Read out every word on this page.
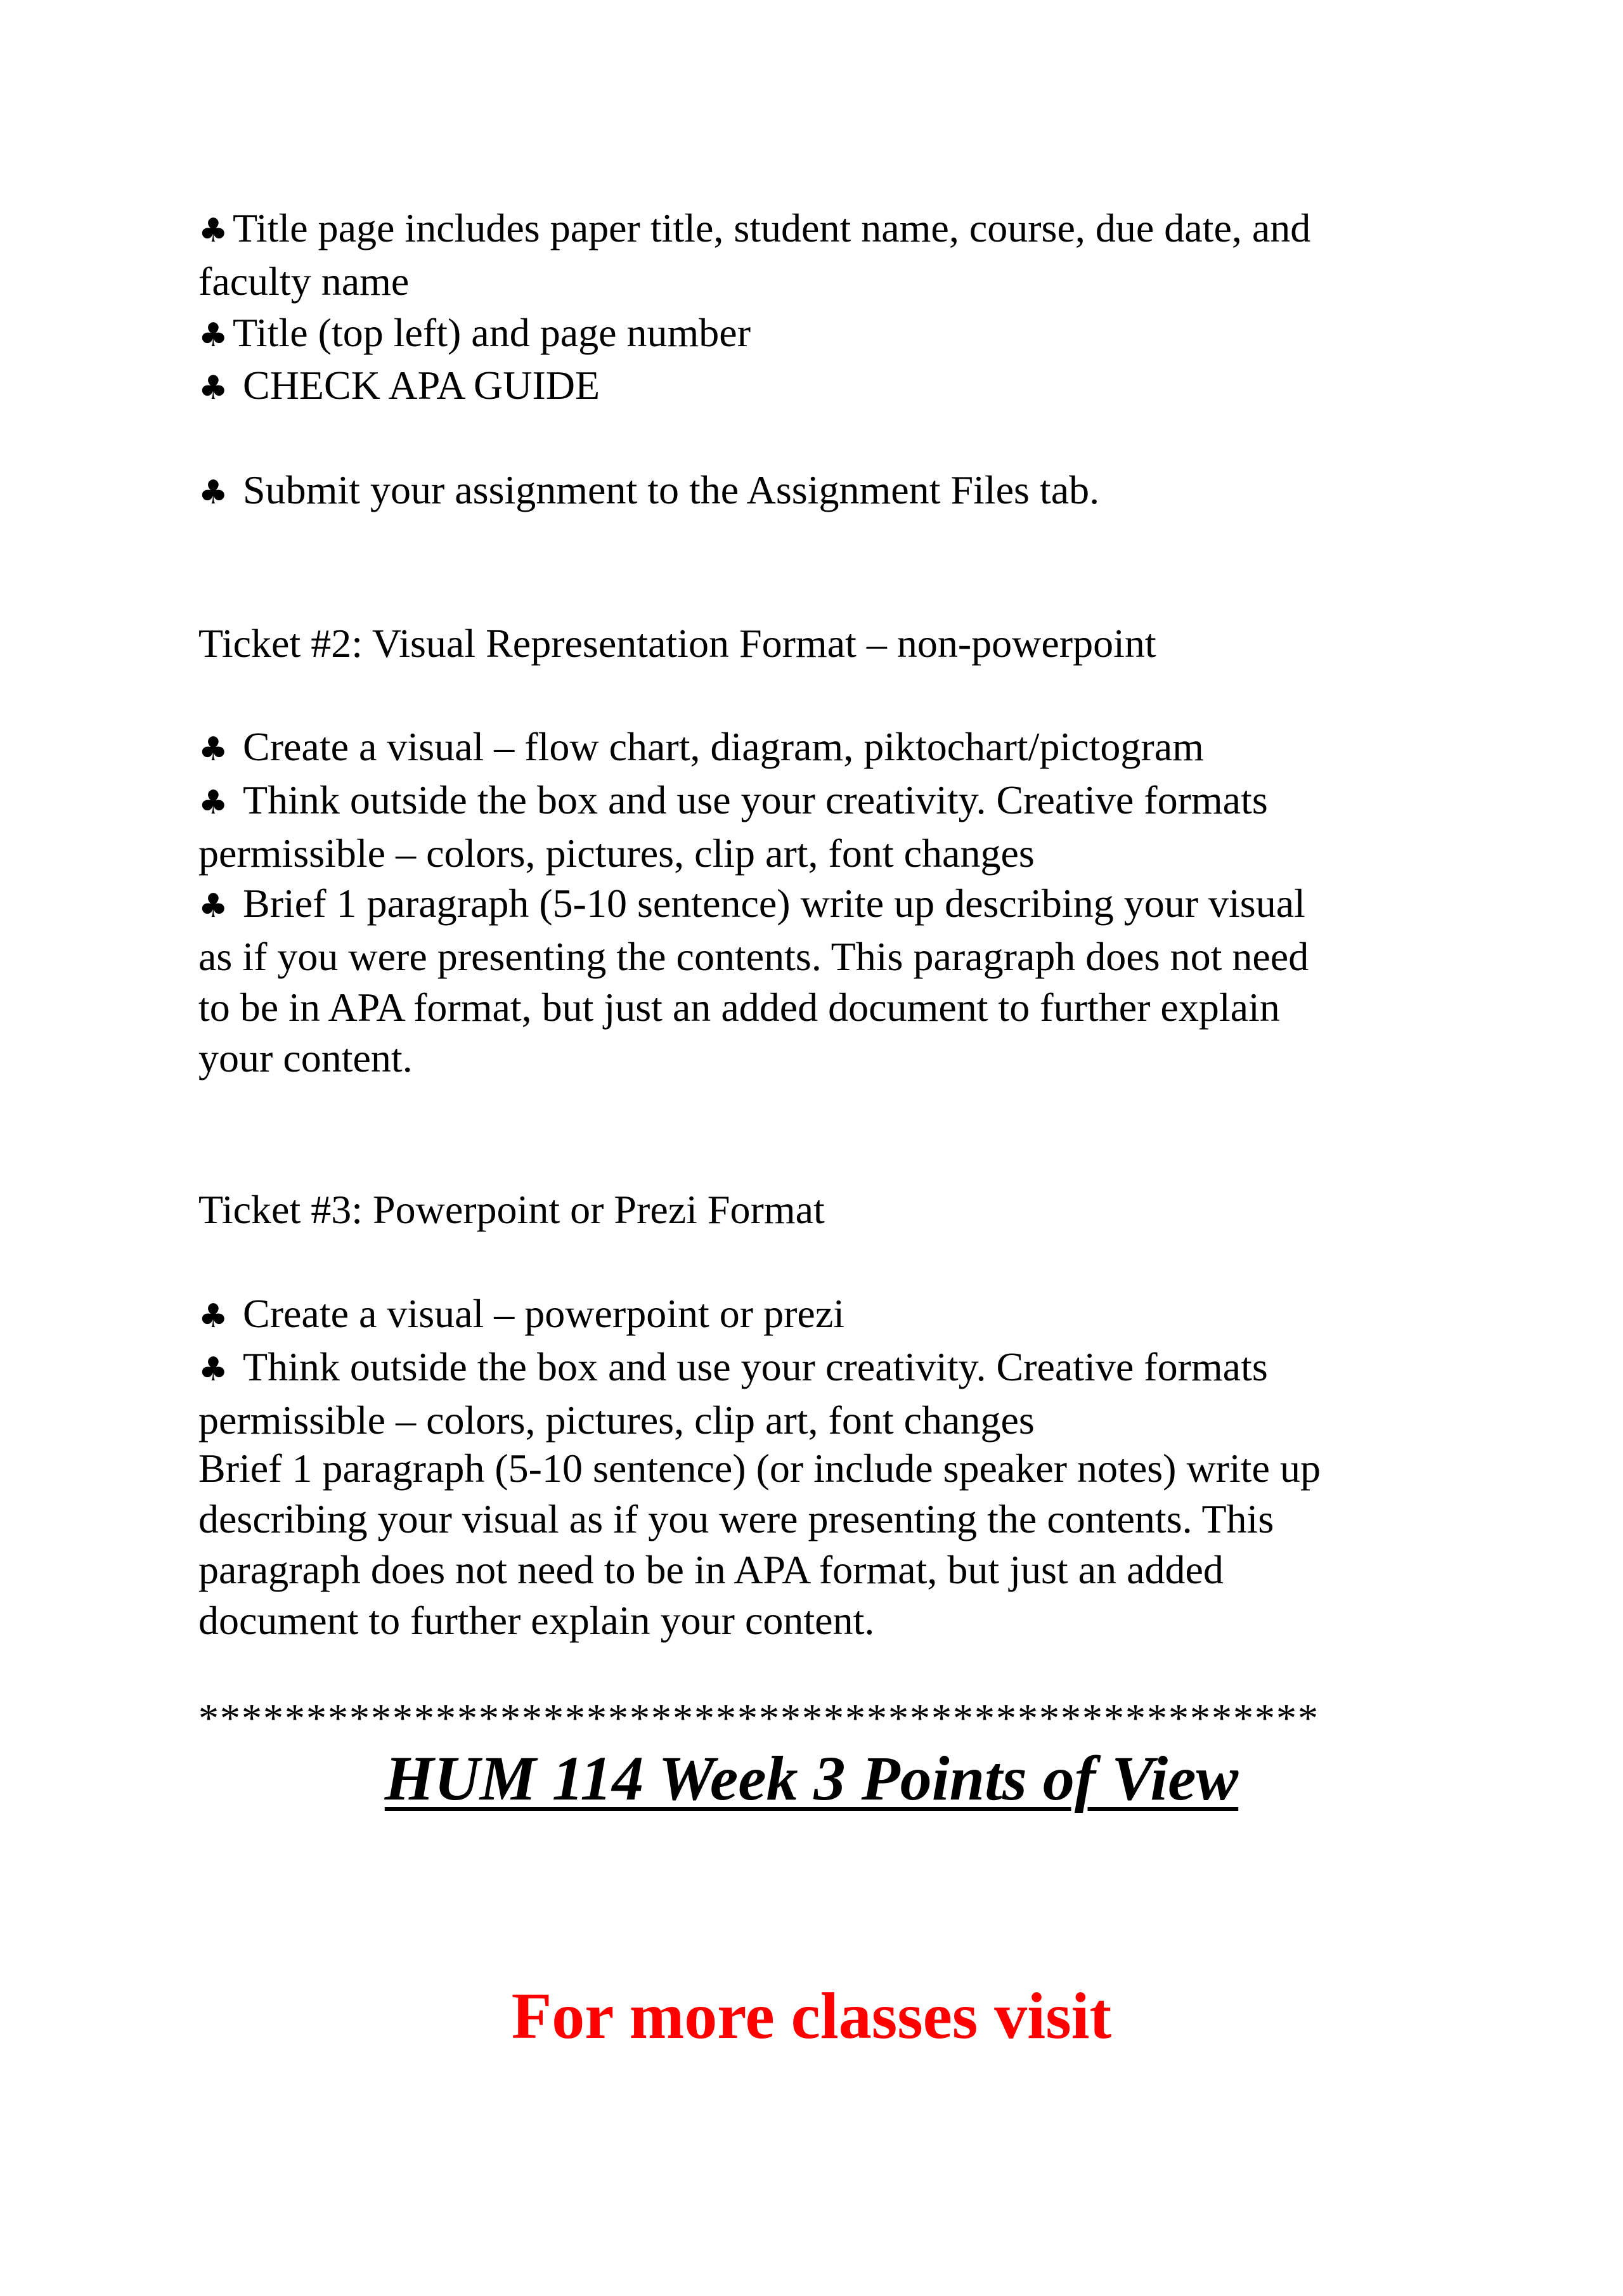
♣ Title page includes paper title, student name, course, due date, and
faculty name
♣ Title (top left) and page number
♣ CHECK APA GUIDE
♣ Submit your assignment to the Assignment Files tab.
Ticket #2: Visual Representation Format – non-powerpoint
♣ Create a visual – flow chart, diagram, piktochart/pictogram
♣ Think outside the box and use your creativity. Creative formats
permissible – colors, pictures, clip art, font changes
♣ Brief 1 paragraph (5-10 sentence) write up describing your visual
as if you were presenting the contents. This paragraph does not need
to be in APA format, but just an added document to further explain
your content.
Ticket #3: Powerpoint or Prezi Format
♣ Create a visual – powerpoint or prezi
♣ Think outside the box and use your creativity. Creative formats
permissible – colors, pictures, clip art, font changes
Brief 1 paragraph (5-10 sentence) (or include speaker notes) write up
describing your visual as if you were presenting the contents. This
paragraph does not need to be in APA format, but just an added
document to further explain your content.
****************************************************
HUM 114 Week 3 Points of View
For more classes visit
